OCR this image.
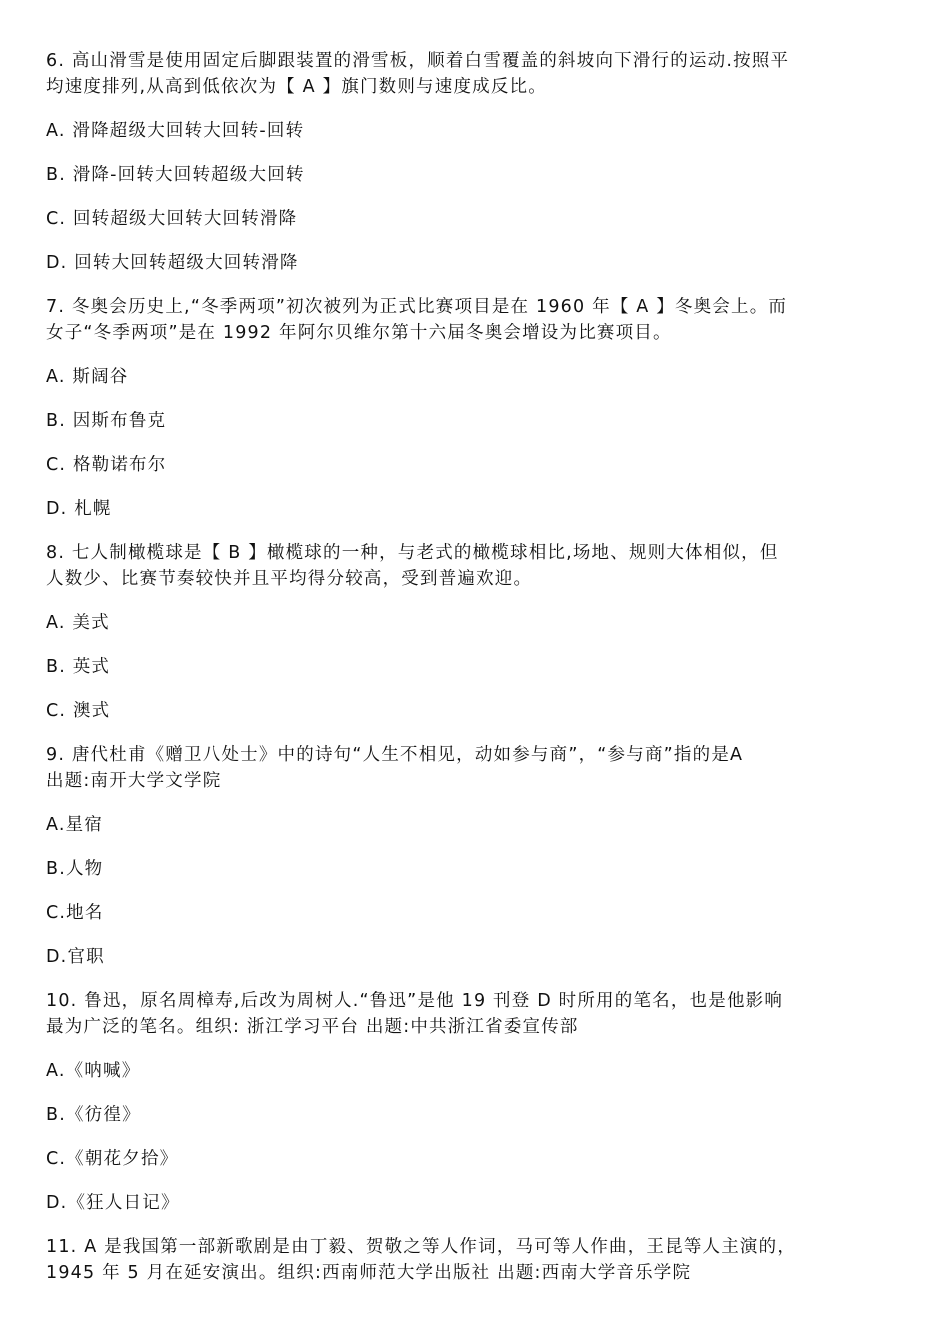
6. 高山滑雪是使用固定后脚跟装置的滑雪板，顺着白雪覆盖的斜坡向下滑行的运动.按照平
均速度排列,从高到低依次为【 A 】旗门数则与速度成反比。
A. 滑降超级大回转大回转-回转
B. 滑降-回转大回转超级大回转
C. 回转超级大回转大回转滑降
D. 回转大回转超级大回转滑降
7. 冬奥会历史上,“冬季两项”初次被列为正式比赛项目是在 1960 年【 A 】冬奥会上。而
女子“冬季两项”是在 1992 年阿尔贝维尔第十六届冬奥会增设为比赛项目。
A. 斯阔谷
B. 因斯布鲁克
C. 格勒诺布尔
D. 札幌
8. 七人制橄榄球是【 B 】橄榄球的一种，与老式的橄榄球相比,场地、规则大体相似，但
人数少、比赛节奏较快并且平均得分较高，受到普遍欢迎。
A. 美式
B. 英式
C. 澳式
9. 唐代杜甫《赠卫八处士》中的诗句“人生不相见，动如参与商”，“参与商”指的是A
出题:南开大学文学院
A.星宿
B.人物
C.地名
D.官职
10. 鲁迅，原名周樟寿,后改为周树人.“鲁迅”是他 19 刊登 D 时所用的笔名，也是他影响
最为广泛的笔名。组织: 浙江学习平台 出题:中共浙江省委宣传部
A.《呐喊》
B.《彷徨》
C.《朝花夕拾》
D.《狂人日记》
11. A 是我国第一部新歌剧是由丁毅、贺敬之等人作词，马可等人作曲，王昆等人主演的，
1945 年 5 月在延安演出。组织:西南师范大学出版社 出题:西南大学音乐学院
